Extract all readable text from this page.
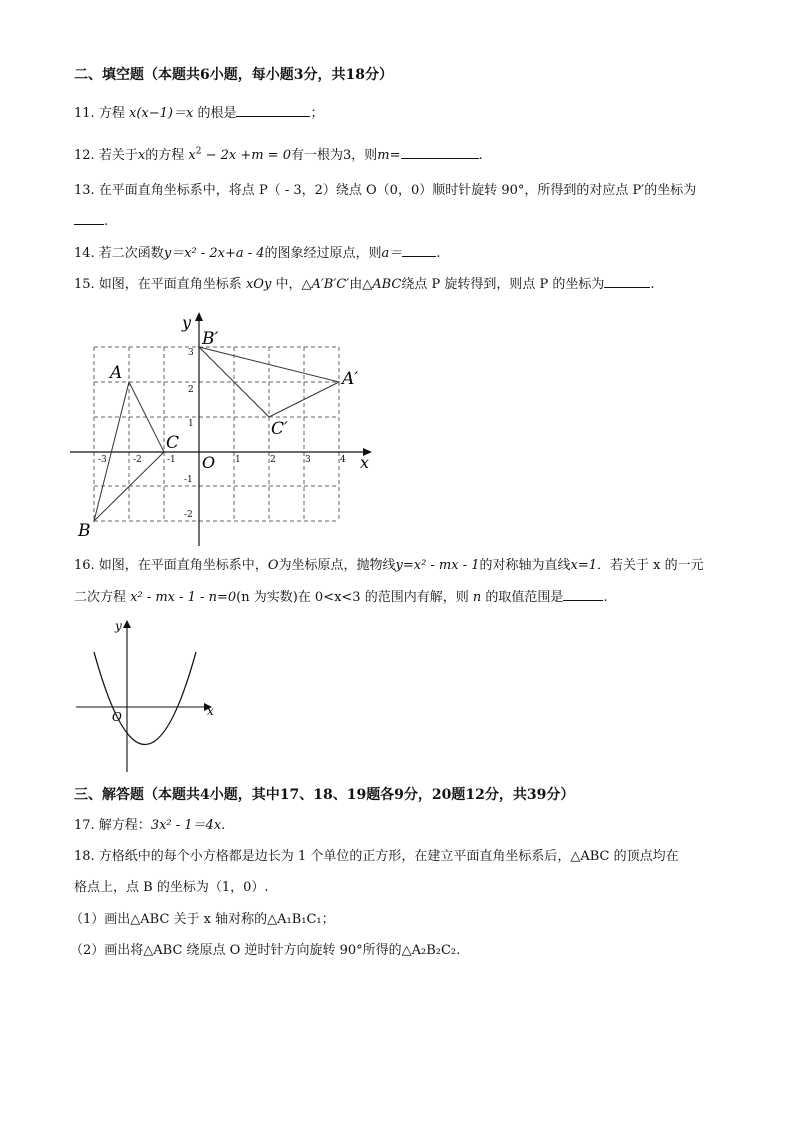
二、填空题（本题共6小题，每小题3分，共18分）
11. 方程 x(x−1)＝x 的根是	；
12. 若关于x的方程 $x^2 - 2x +m = 0$有一根为3，则m=	.
13. 在平面直角坐标系中，将点 P（ - 3，2）绕点 O（0，0）顺时针旋转 90°，所得到的对应点 P′的坐标为
.
14. 若二次函数y＝x² - 2x+a - 4的图象经过原点，则a＝	.
15. 如图，在平面直角坐标系 xOy 中，△A′B′C′由△ABC绕点 P 旋转得到，则点 P 的坐标为	.
x
y
O
-3	-2	-1	1	2	3	4
3
2
1
-1
-2
A
B
C
A′
B′
C′
16. 如图，在平面直角坐标系中，O为坐标原点，抛物线y=x² - mx - 1的对称轴为直线x=1．若关于 x 的一元
二次方程 x² - mx - 1 - n=0(n 为实数)在 0<x<3 的范围内有解，则 n 的取值范围是	.
x
y
O
三、解答题（本题共4小题，其中17、18、19题各9分，20题12分，共39分）
17. 解方程：3x² - 1＝4x.
18. 方格纸中的每个小方格都是边长为 1 个单位的正方形，在建立平面直角坐标系后，△ABC 的顶点均在
格点上，点 B 的坐标为（1，0）.
（1）画出△ABC 关于 x 轴对称的△A₁B₁C₁；
（2）画出将△ABC 绕原点 O 逆时针方向旋转 90°所得的△A₂B₂C₂.
